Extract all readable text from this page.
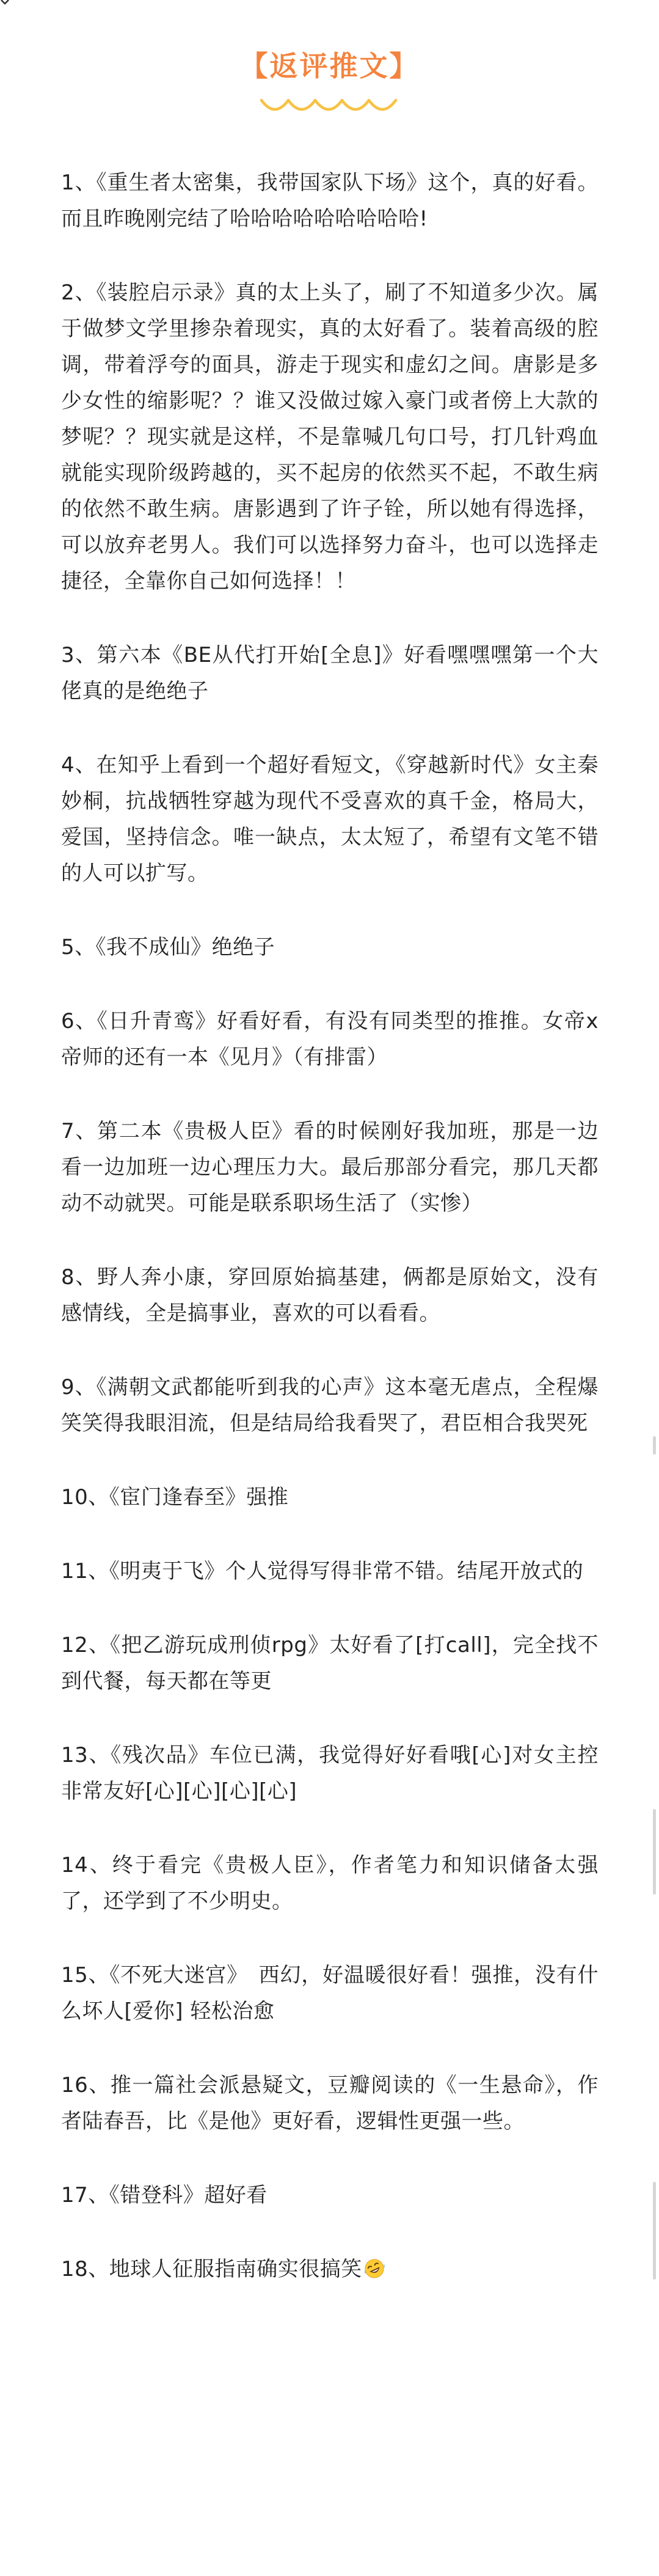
【返评推文】

1、《重生者太密集，我带国家队下场》这个，真的好看。而且昨晚刚完结了哈哈哈哈哈哈哈哈哈!

2、《装腔启示录》真的太上头了，刷了不知道多少次。属于做梦文学里掺杂着现实，真的太好看了。装着高级的腔调，带着浮夸的面具，游走于现实和虚幻之间。唐影是多少女性的缩影呢？？谁又没做过嫁入豪门或者傍上大款的梦呢？？现实就是这样，不是靠喊几句口号，打几针鸡血就能实现阶级跨越的，买不起房的依然买不起，不敢生病的依然不敢生病。唐影遇到了许子铨，所以她有得选择，可以放弃老男人。我们可以选择努力奋斗，也可以选择走捷径，全靠你自己如何选择！！

3、第六本《BE从代打开始[全息]》好看嘿嘿嘿第一个大佬真的是绝绝子

4、在知乎上看到一个超好看短文，《穿越新时代》女主秦妙桐，抗战牺牲穿越为现代不受喜欢的真千金，格局大，爱国，坚持信念。唯一缺点，太太短了，希望有文笔不错的人可以扩写。

5、《我不成仙》绝绝子

6、《日升青鸾》好看好看，有没有同类型的推推。女帝x帝师的还有一本《见月》（有排雷）

7、第二本《贵极人臣》看的时候刚好我加班，那是一边看一边加班一边心理压力大。最后那部分看完，那几天都动不动就哭。可能是联系职场生活了（实惨）

8、野人奔小康，穿回原始搞基建，俩都是原始文，没有感情线，全是搞事业，喜欢的可以看看。

9、《满朝文武都能听到我的心声》这本毫无虐点，全程爆笑笑得我眼泪流，但是结局给我看哭了，君臣相合我哭死

10、《宦门逢春至》强推

11、《明夷于飞》个人觉得写得非常不错。结尾开放式的

12、《把乙游玩成刑侦rpg》太好看了[打call]，完全找不到代餐，每天都在等更

13、《残次品》车位已满，我觉得好好看哦[心]对女主控非常友好[心][心][心][心]

14、终于看完《贵极人臣》，作者笔力和知识储备太强了，还学到了不少明史。

15、《不死大迷宫》　西幻，好温暖很好看！强推，没有什么坏人[爱你] 轻松治愈

16、推一篇社会派悬疑文，豆瓣阅读的《一生悬命》，作者陆春吾，比《是他》更好看，逻辑性更强一些。

17、《错登科》超好看

18、地球人征服指南确实很搞笑
